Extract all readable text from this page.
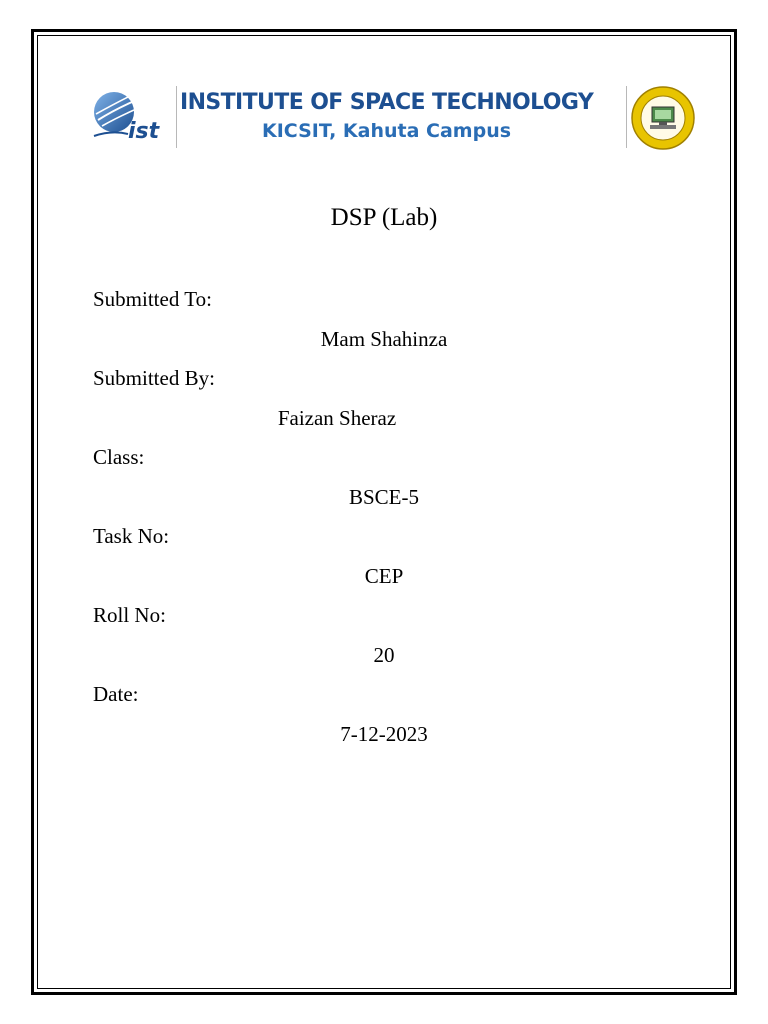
ist
INSTITUTE OF SPACE TECHNOLOGY
KICSIT, Kahuta Campus
DSP (Lab)
Submitted To:
Mam Shahinza
Submitted By:
Faizan Sheraz
Class:
BSCE-5
Task No:
CEP
Roll No:
20
Date:
7-12-2023
